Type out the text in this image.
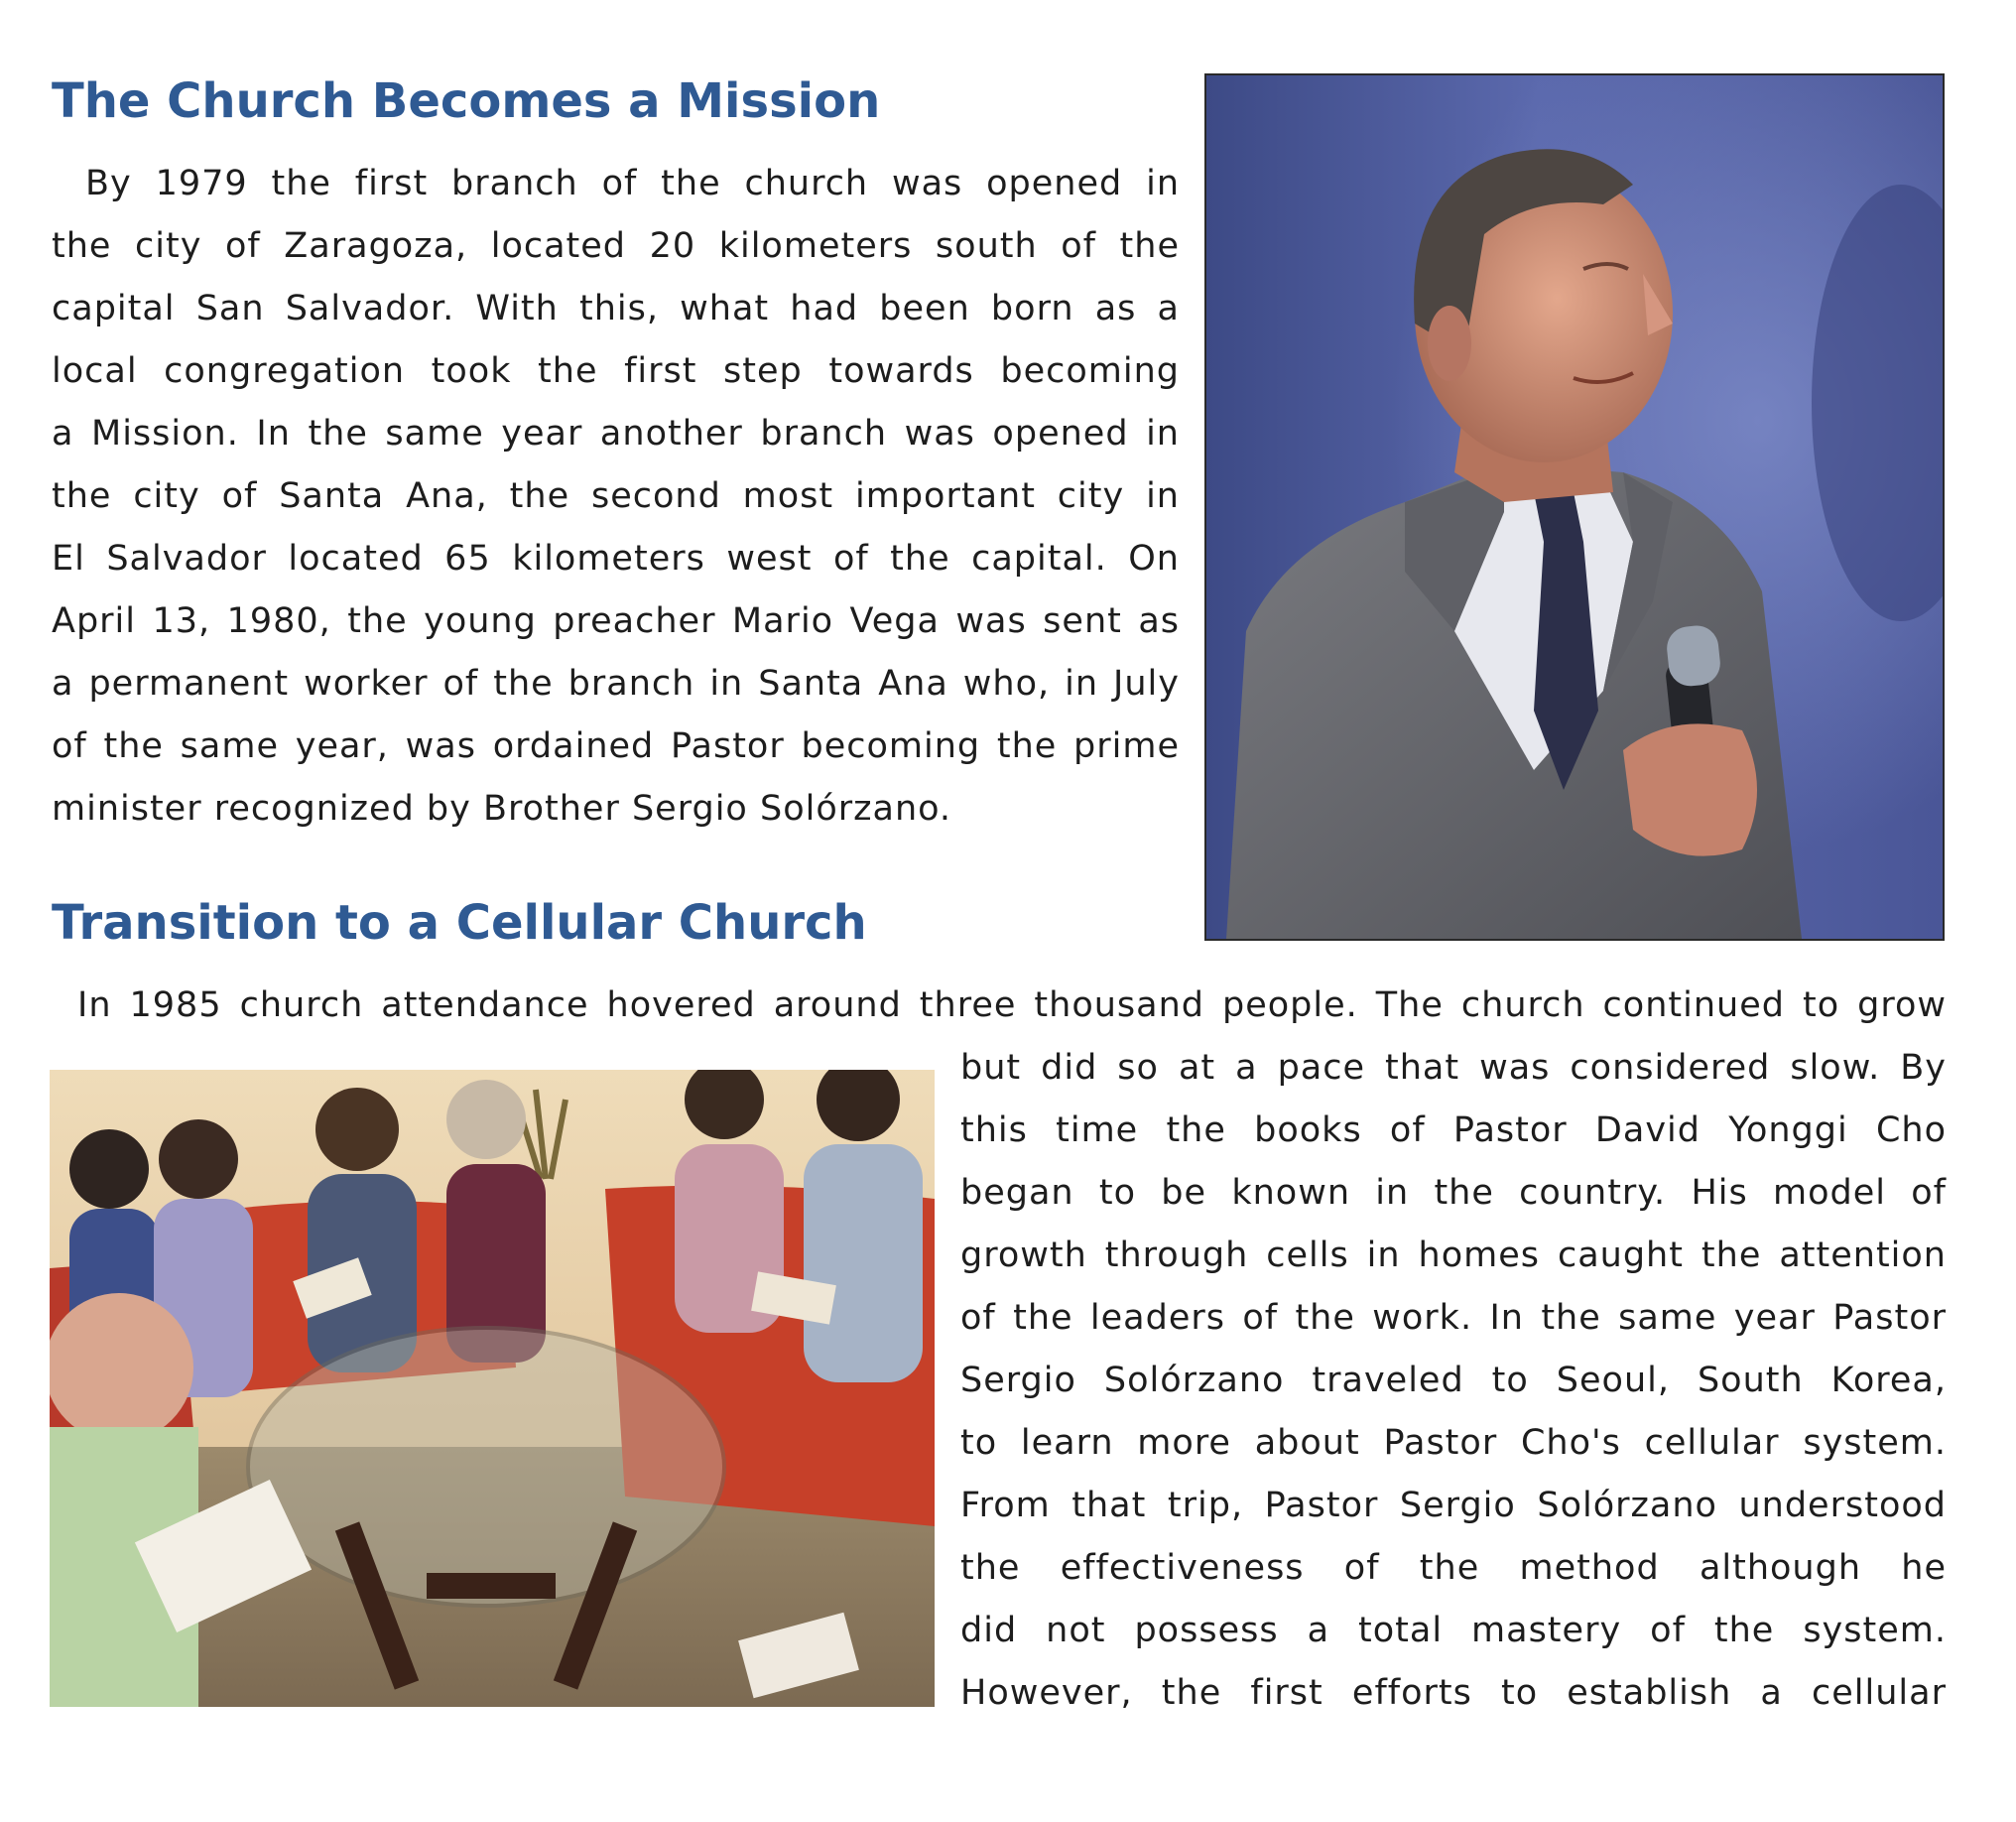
The Church Becomes a Mission
By 1979 the first branch of the church was opened in
the city of Zaragoza, located 20 kilometers south of the
capital San Salvador. With this, what had been born as a
local congregation took the first step towards becoming
a Mission. In the same year another branch was opened in
the city of Santa Ana, the second most important city in
El Salvador located 65 kilometers west of the capital. On
April 13, 1980, the young preacher Mario Vega was sent as
a permanent worker of the branch in Santa Ana who, in July
of the same year, was ordained Pastor becoming the prime
minister recognized by Brother Sergio Solórzano.
Transition to a Cellular Church
In 1985 church attendance hovered around three thousand people. The church continued to grow
but did so at a pace that was considered slow. By
this time the books of Pastor David Yonggi Cho
began to be known in the country. His model of
growth through cells in homes caught the attention
of the leaders of the work. In the same year Pastor
Sergio Solórzano traveled to Seoul, South Korea,
to learn more about Pastor Cho's cellular system.
From that trip, Pastor Sergio Solórzano understood
the effectiveness of the method although he
did not possess a total mastery of the system.
However, the first efforts to establish a cellular
